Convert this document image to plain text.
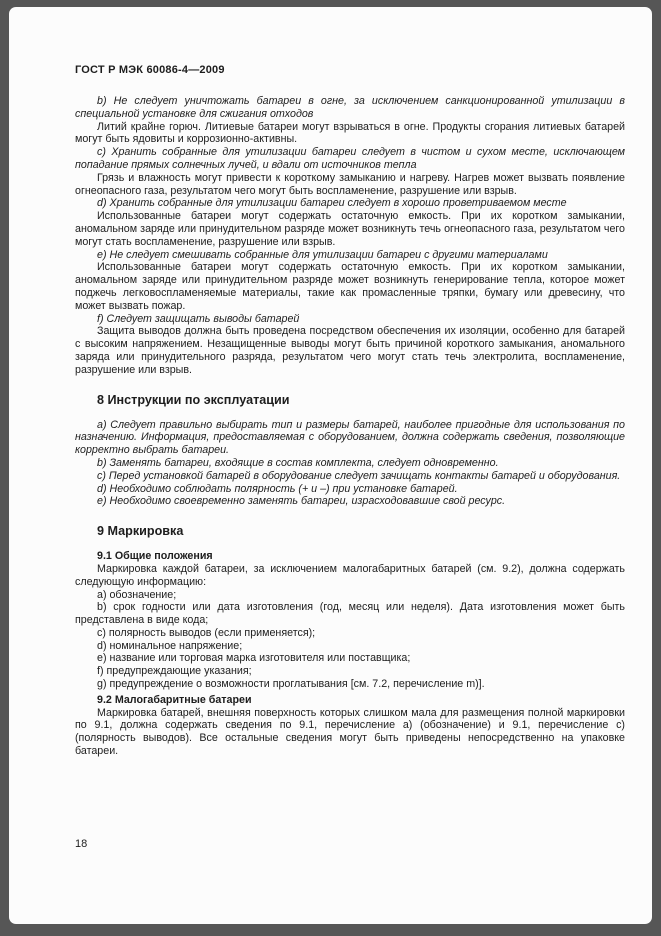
ГОСТ Р МЭК 60086-4—2009

b) Не следует уничтожать батареи в огне, за исключением санкционированной утилизации в специальной установке для сжигания отходов

Литий крайне горюч. Литиевые батареи могут взрываться в огне. Продукты сгорания литиевых батарей могут быть ядовиты и коррозионно-активны.

c) Хранить собранные для утилизации батареи следует в чистом и сухом месте, исключающем попадание прямых солнечных лучей, и вдали от источников тепла

Грязь и влажность могут привести к короткому замыканию и нагреву. Нагрев может вызвать появление огнеопасного газа, результатом чего могут быть воспламенение, разрушение или взрыв.

d) Хранить собранные для утилизации батареи следует в хорошо проветриваемом месте

Использованные батареи могут содержать остаточную емкость. При их коротком замыкании, аномальном заряде или принудительном разряде может возникнуть течь огнеопасного газа, результатом чего могут стать воспламенение, разрушение или взрыв.

e) Не следует смешивать собранные для утилизации батареи с другими материалами

Использованные батареи могут содержать остаточную емкость. При их коротком замыкании, аномальном заряде или принудительном разряде может возникнуть генерирование тепла, которое может поджечь легковоспламеняемые материалы, такие как промасленные тряпки, бумагу или древесину, что может вызвать пожар.

f) Следует защищать выводы батарей

Защита выводов должна быть проведена посредством обеспечения их изоляции, особенно для батарей с высоким напряжением. Незащищенные выводы могут быть причиной короткого замыкания, аномального заряда или принудительного разряда, результатом чего могут стать течь электролита, воспламенение, разрушение или взрыв.

8 Инструкции по эксплуатации

a) Следует правильно выбирать тип и размеры батарей, наиболее пригодные для использования по назначению. Информация, предоставляемая с оборудованием, должна содержать сведения, позволяющие корректно выбрать батареи.

b) Заменять батареи, входящие в состав комплекта, следует одновременно.

c) Перед установкой батарей в оборудование следует зачищать контакты батарей и оборудования.

d) Необходимо соблюдать полярность (+ и –) при установке батарей.

e) Необходимо своевременно заменять батареи, израсходовавшие свой ресурс.

9 Маркировка

9.1 Общие положения

Маркировка каждой батареи, за исключением малогабаритных батарей (см. 9.2), должна содержать следующую информацию:

a) обозначение;

b) срок годности или дата изготовления (год, месяц или неделя). Дата изготовления может быть представлена в виде кода;

c) полярность выводов (если применяется);

d) номинальное напряжение;

e) название или торговая марка изготовителя или поставщика;

f) предупреждающие указания;

g) предупреждение о возможности проглатывания [см. 7.2, перечисление m)].

9.2 Малогабаритные батареи

Маркировка батарей, внешняя поверхность которых слишком мала для размещения полной маркировки по 9.1, должна содержать сведения по 9.1, перечисление a) (обозначение) и 9.1, перечисление c) (полярность выводов). Все остальные сведения могут быть приведены непосредственно на упаковке батареи.

18
